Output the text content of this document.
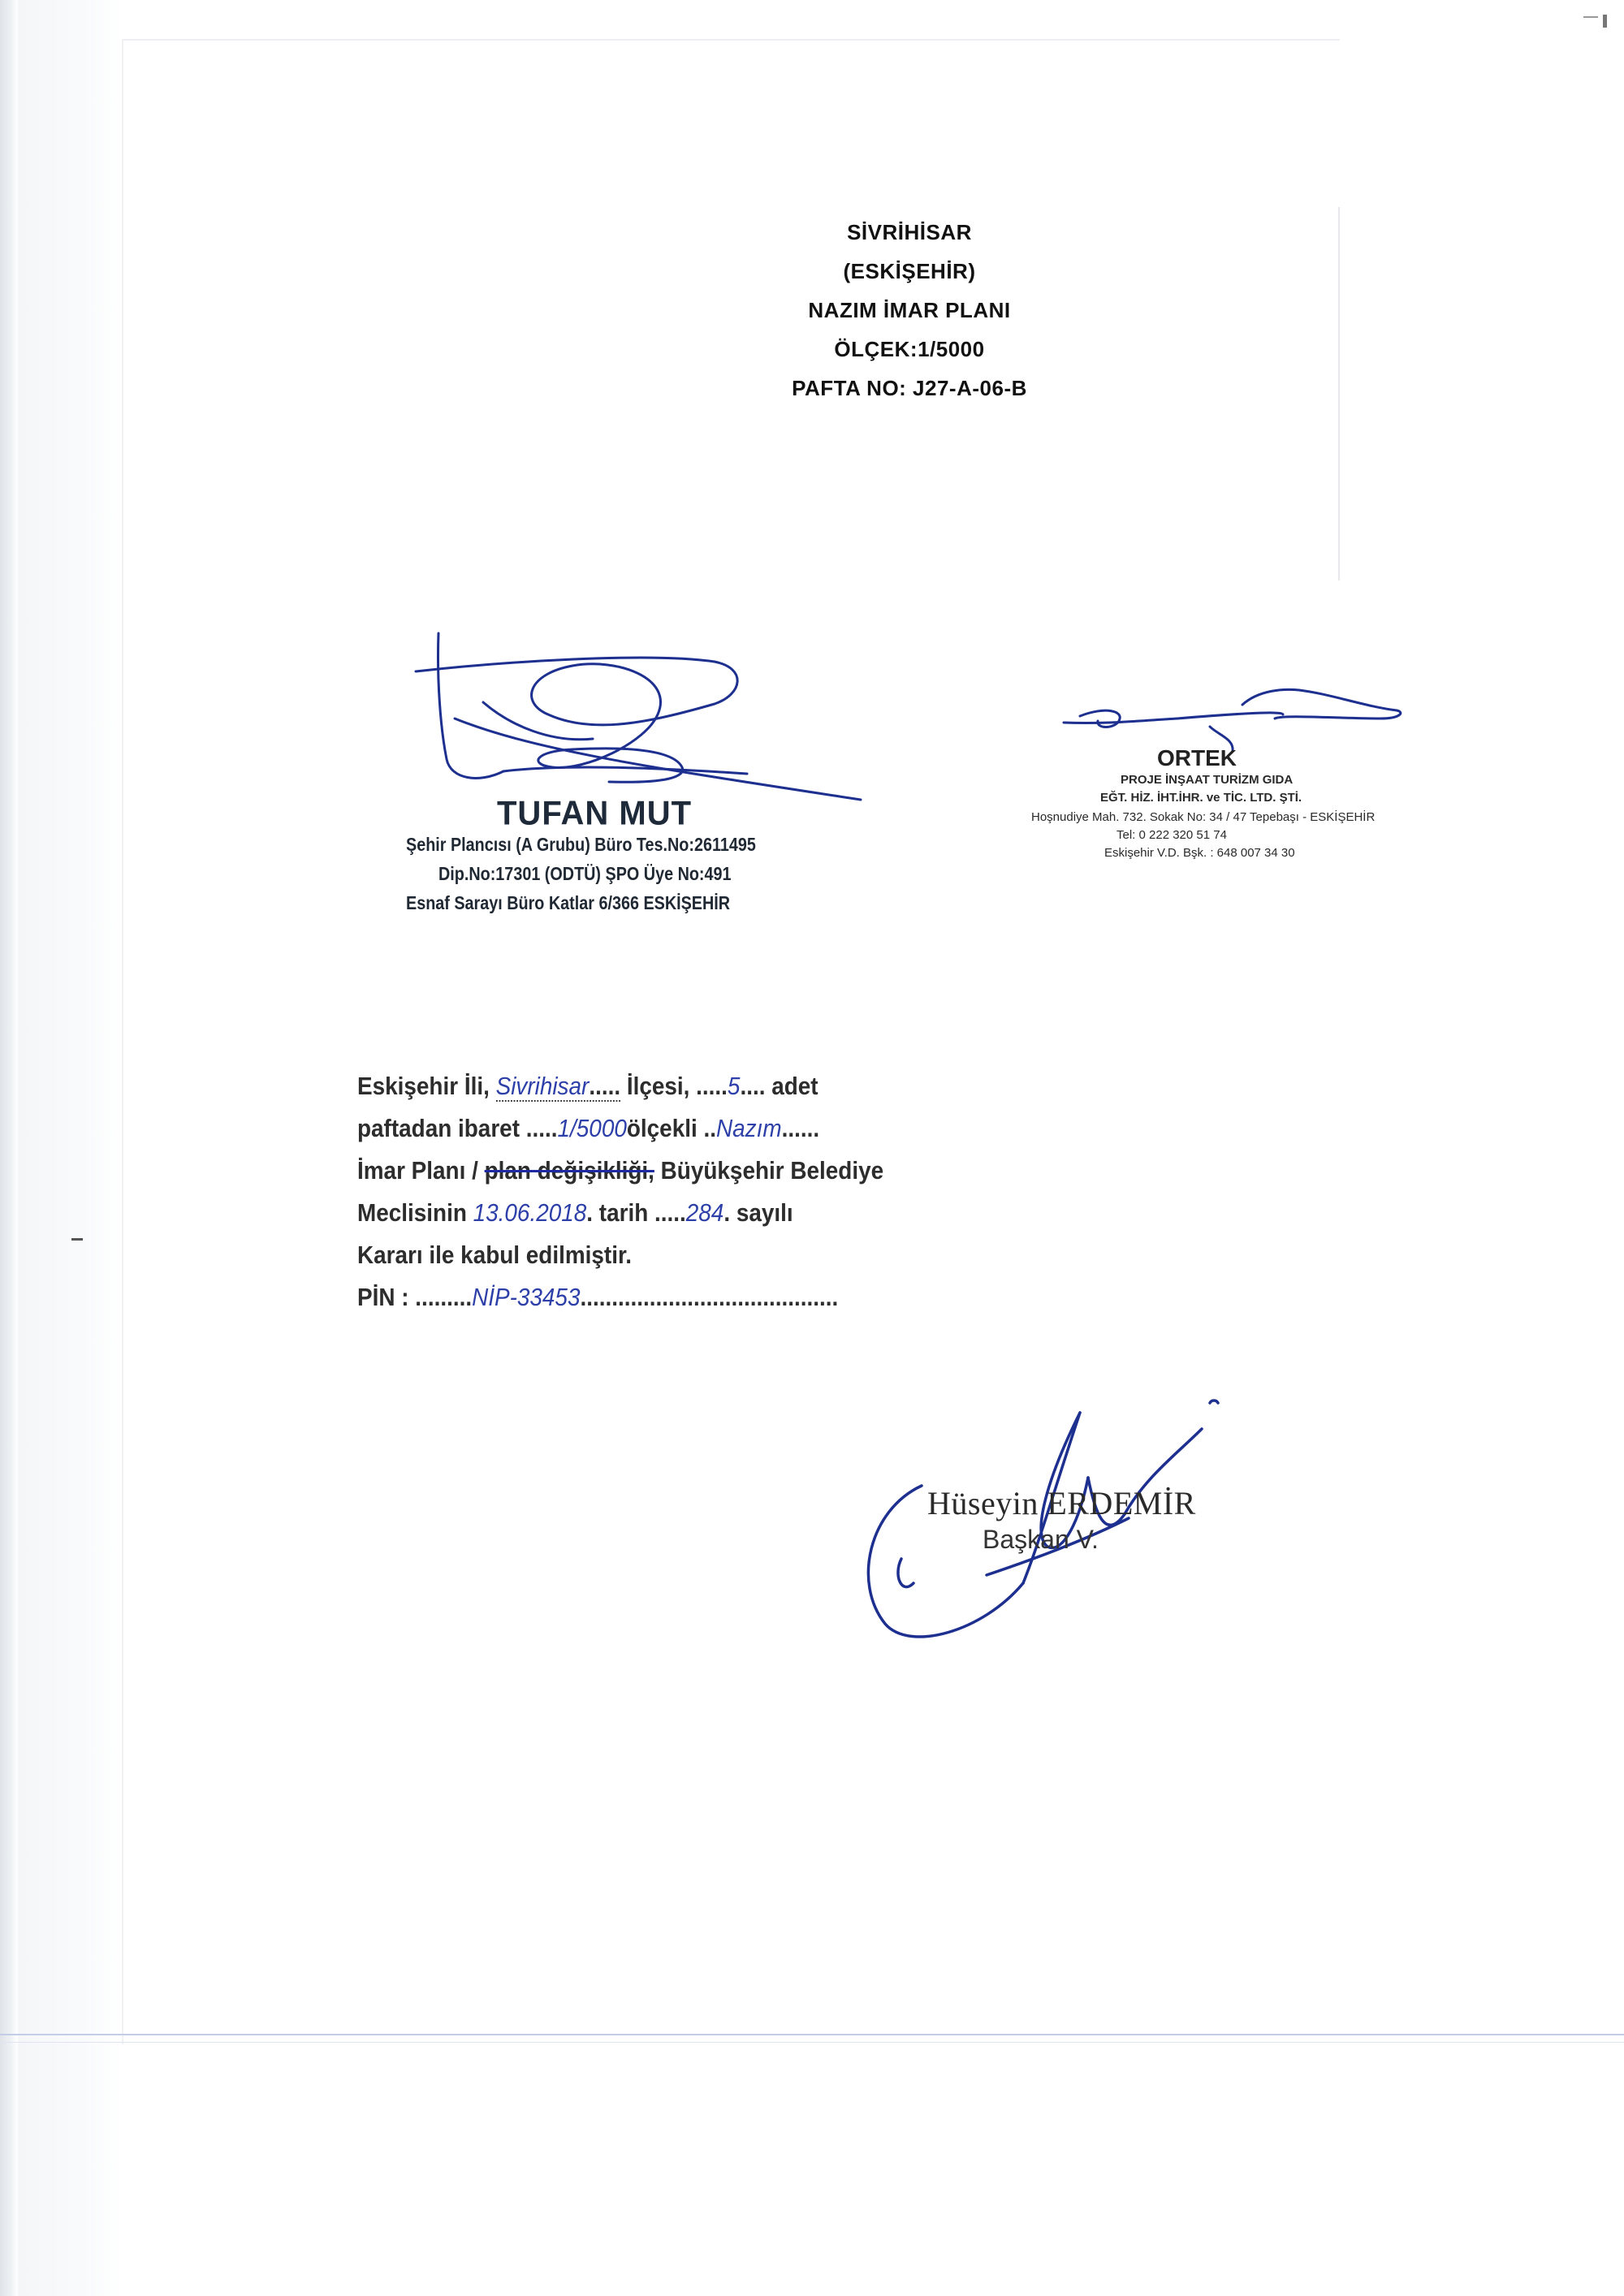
SİVRİHİSAR
(ESKİŞEHİR)
NAZIM İMAR PLANI
ÖLÇEK:1/5000
PAFTA NO: J27-A-06-B
TUFAN MUT
Şehir Plancısı (A Grubu) Büro Tes.No:2611495
Dip.No:17301 (ODTÜ) ŞPO Üye No:491
Esnaf Sarayı Büro Katlar 6/366 ESKİŞEHİR
ORTEK
PROJE İNŞAAT TURİZM GIDA
EĞT. HİZ. İHT.İHR. ve TİC. LTD. ŞTİ.
Hoşnudiye Mah. 732. Sokak No: 34 / 47 Tepebaşı - ESKİŞEHİR
Tel: 0 222 320 51 74
Eskişehir V.D. Bşk. : 648 007 34 30
Eskişehir İli, Sivrihisar..... İlçesi, .....5.... adet
paftadan ibaret .....1/5000ölçekli ..Nazım......
İmar Planı / plan değişikliği, Büyükşehir Belediye
Meclisinin 13.06.2018. tarih .....284. sayılı
Kararı ile kabul edilmiştir.
PİN : .........NİP-33453.........................................
Hüseyin ERDEMİR
Başkan V.
